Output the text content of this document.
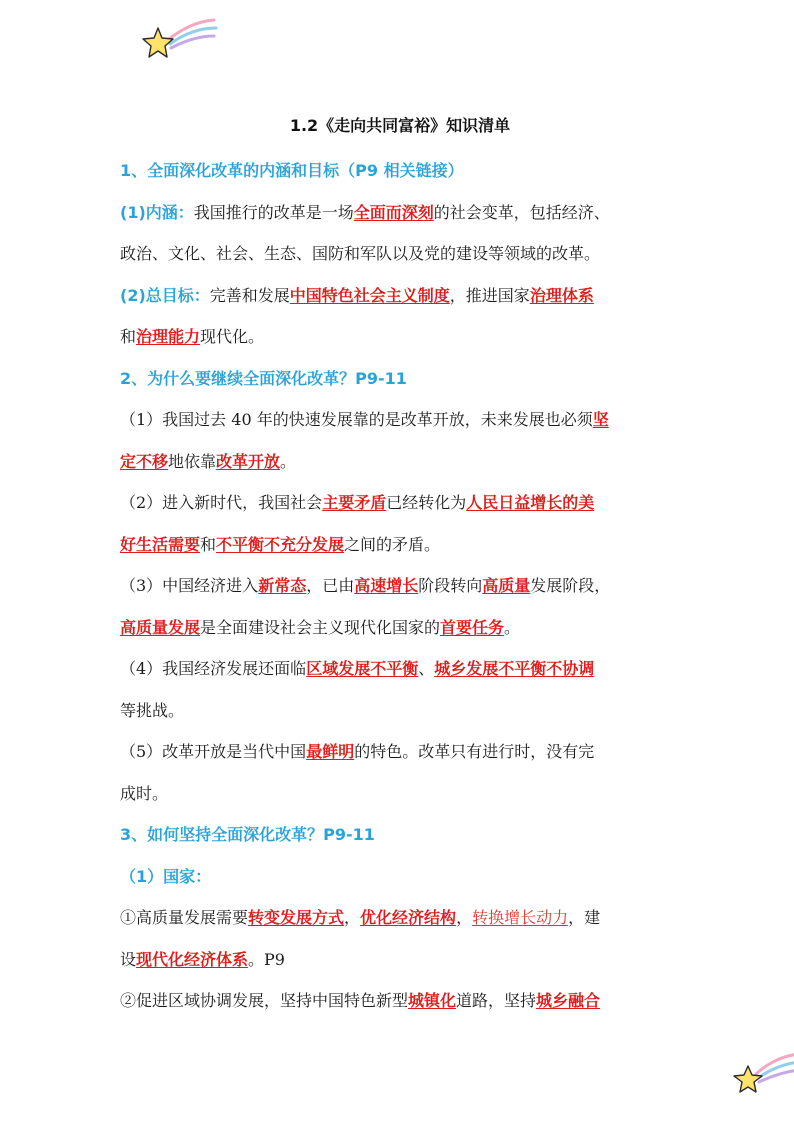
1.2《走向共同富裕》知识清单
1、全面深化改革的内涵和目标（P9 相关链接）
(1)内涵：我国推行的改革是一场全面而深刻的社会变革，包括经济、
政治、文化、社会、生态、国防和军队以及党的建设等领域的改革。
(2)总目标：完善和发展中国特色社会主义制度，推进国家治理体系
和治理能力现代化。
2、为什么要继续全面深化改革？P9-11
（1）我国过去 40 年的快速发展靠的是改革开放，未来发展也必须坚
定不移地依靠改革开放。
（2）进入新时代，我国社会主要矛盾已经转化为人民日益增长的美
好生活需要和不平衡不充分发展之间的矛盾。
（3）中国经济进入新常态，已由高速增长阶段转向高质量发展阶段，
高质量发展是全面建设社会主义现代化国家的首要任务。
（4）我国经济发展还面临区域发展不平衡、城乡发展不平衡不协调
等挑战。
（5）改革开放是当代中国最鲜明的特色。改革只有进行时，没有完
成时。
3、如何坚持全面深化改革？P9-11
（1）国家：
①高质量发展需要转变发展方式，优化经济结构，转换增长动力，建
设现代化经济体系。P9
②促进区域协调发展，坚持中国特色新型城镇化道路，坚持城乡融合
